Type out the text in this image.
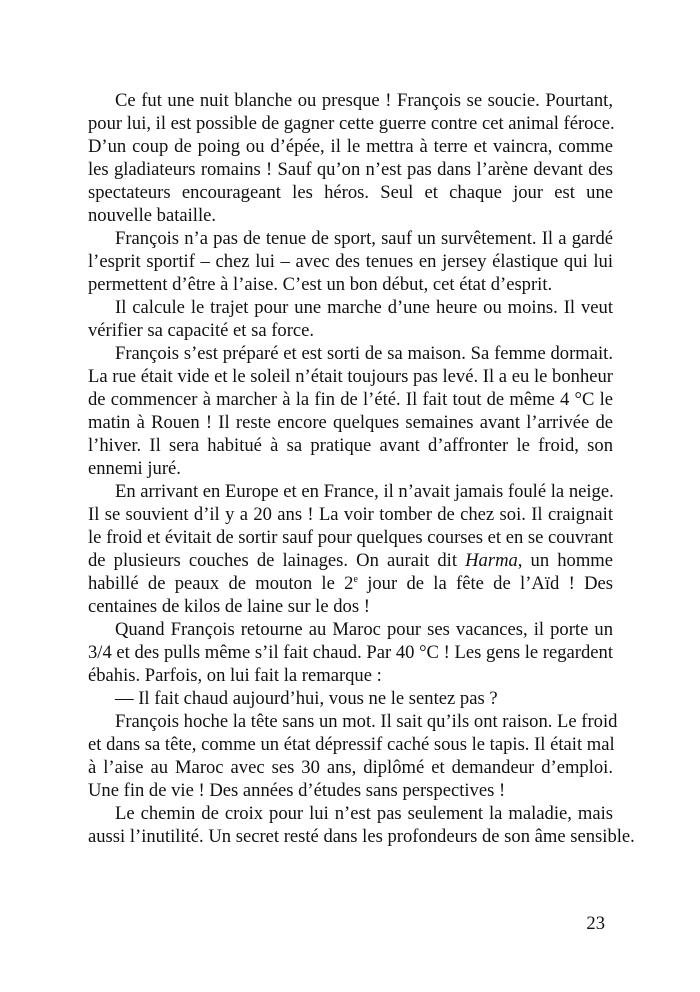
Ce fut une nuit blanche ou presque ! François se soucie. Pourtant,
pour lui, il est possible de gagner cette guerre contre cet animal féroce.
D’un coup de poing ou d’épée, il le mettra à terre et vaincra, comme
les gladiateurs romains ! Sauf qu’on n’est pas dans l’arène devant des
spectateurs encourageant les héros. Seul et chaque jour est une
nouvelle bataille.
François n’a pas de tenue de sport, sauf un survêtement. Il a gardé
l’esprit sportif – chez lui – avec des tenues en jersey élastique qui lui
permettent d’être à l’aise. C’est un bon début, cet état d’esprit.
Il calcule le trajet pour une marche d’une heure ou moins. Il veut
vérifier sa capacité et sa force.
François s’est préparé et est sorti de sa maison. Sa femme dormait.
La rue était vide et le soleil n’était toujours pas levé. Il a eu le bonheur
de commencer à marcher à la fin de l’été. Il fait tout de même 4 °C le
matin à Rouen ! Il reste encore quelques semaines avant l’arrivée de
l’hiver. Il sera habitué à sa pratique avant d’affronter le froid, son
ennemi juré.
En arrivant en Europe et en France, il n’avait jamais foulé la neige.
Il se souvient d’il y a 20 ans ! La voir tomber de chez soi. Il craignait
le froid et évitait de sortir sauf pour quelques courses et en se couvrant
de plusieurs couches de lainages. On aurait dit Harma, un homme
habillé de peaux de mouton le 2e jour de la fête de l’Aïd ! Des
centaines de kilos de laine sur le dos !
Quand François retourne au Maroc pour ses vacances, il porte un
3/4 et des pulls même s’il fait chaud. Par 40 °C ! Les gens le regardent
ébahis. Parfois, on lui fait la remarque :
— Il fait chaud aujourd’hui, vous ne le sentez pas ?
François hoche la tête sans un mot. Il sait qu’ils ont raison. Le froid
et dans sa tête, comme un état dépressif caché sous le tapis. Il était mal
à l’aise au Maroc avec ses 30 ans, diplômé et demandeur d’emploi.
Une fin de vie ! Des années d’études sans perspectives !
Le chemin de croix pour lui n’est pas seulement la maladie, mais
aussi l’inutilité. Un secret resté dans les profondeurs de son âme sensible.
23
